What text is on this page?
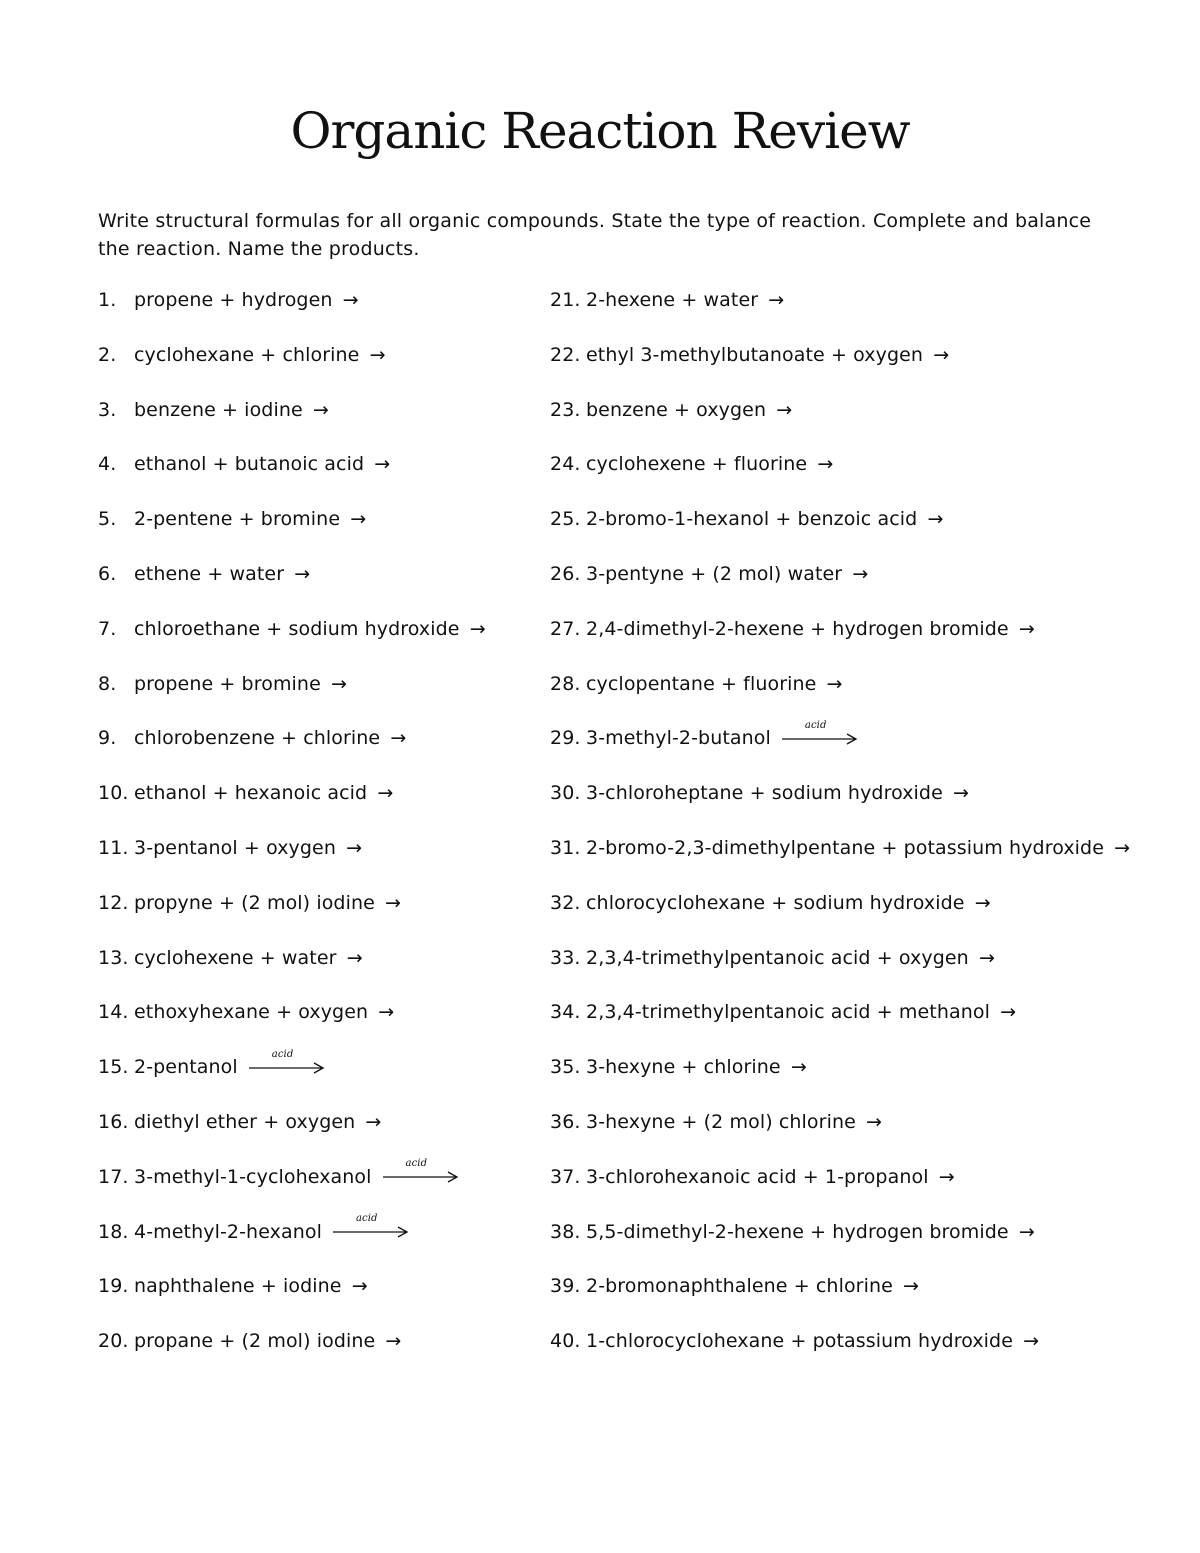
Organic Reaction Review
Write structural formulas for all organic compounds. State the type of reaction. Complete and balance the reaction. Name the products.
1. propene + hydrogen →
2. cyclohexane + chlorine →
3. benzene + iodine →
4. ethanol + butanoic acid →
5. 2-pentene + bromine →
6. ethene + water →
7. chloroethane + sodium hydroxide →
8. propene + bromine →
9. chlorobenzene + chlorine →
10. ethanol + hexanoic acid →
11. 3-pentanol + oxygen →
12. propyne + (2 mol) iodine →
13. cyclohexene + water →
14. ethoxyhexane + oxygen →
15. 2-pentanol
acid
16. diethyl ether + oxygen →
17. 3-methyl-1-cyclohexanol
acid
18. 4-methyl-2-hexanol
acid
19. naphthalene + iodine →
20. propane + (2 mol) iodine →
21. 2-hexene + water →
22. ethyl 3-methylbutanoate + oxygen →
23. benzene + oxygen →
24. cyclohexene + fluorine →
25. 2-bromo-1-hexanol + benzoic acid →
26. 3-pentyne + (2 mol) water →
27. 2,4-dimethyl-2-hexene + hydrogen bromide →
28. cyclopentane + fluorine →
29. 3-methyl-2-butanol
acid
30. 3-chloroheptane + sodium hydroxide →
31. 2-bromo-2,3-dimethylpentane + potassium hydroxide →
32. chlorocyclohexane + sodium hydroxide →
33. 2,3,4-trimethylpentanoic acid + oxygen →
34. 2,3,4-trimethylpentanoic acid + methanol →
35. 3-hexyne + chlorine →
36. 3-hexyne + (2 mol) chlorine →
37. 3-chlorohexanoic acid + 1-propanol →
38. 5,5-dimethyl-2-hexene + hydrogen bromide →
39. 2-bromonaphthalene + chlorine →
40. 1-chlorocyclohexane + potassium hydroxide →
